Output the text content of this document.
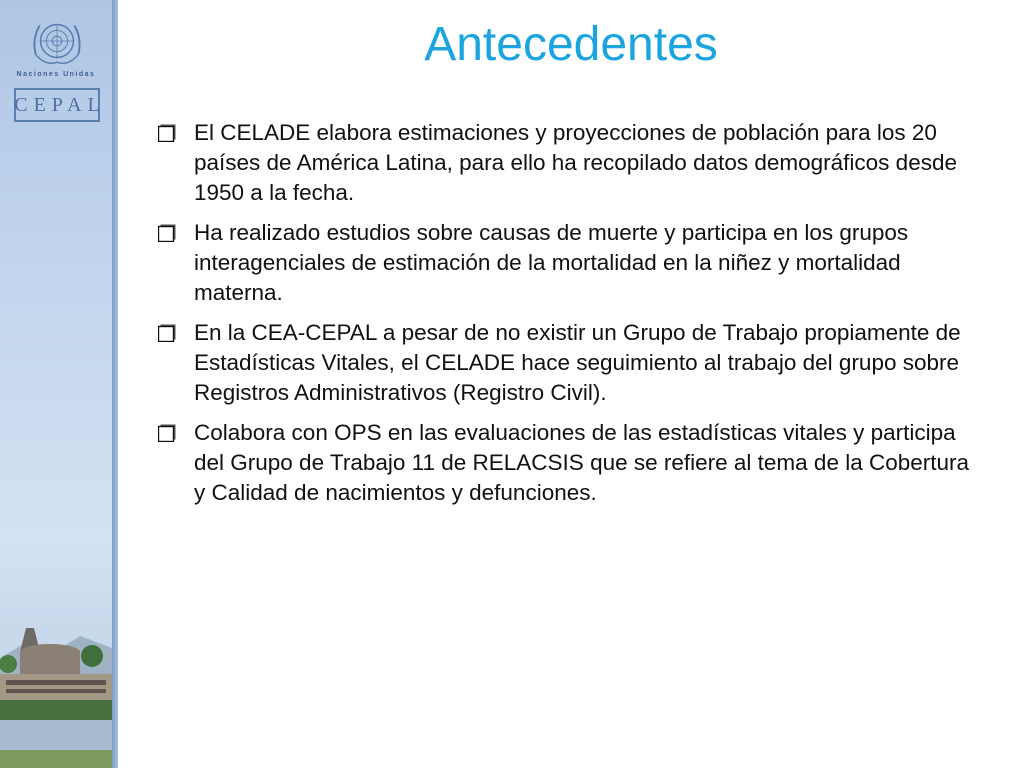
Naciones Unidas
CEPAL
Antecedentes
El CELADE elabora estimaciones y proyecciones de población para los 20 países de América Latina, para ello ha recopilado datos demográficos desde 1950 a la fecha.
Ha realizado estudios sobre causas de muerte y participa en los grupos interagenciales de estimación de la mortalidad en la niñez y mortalidad materna.
En la CEA-CEPAL a pesar de no existir un Grupo de Trabajo propiamente de Estadísticas Vitales, el CELADE hace seguimiento al trabajo del grupo sobre Registros Administrativos (Registro Civil).
Colabora con OPS en las evaluaciones de las estadísticas vitales y participa del Grupo de Trabajo 11 de RELACSIS que se refiere al tema de la Cobertura y Calidad de nacimientos y defunciones.
